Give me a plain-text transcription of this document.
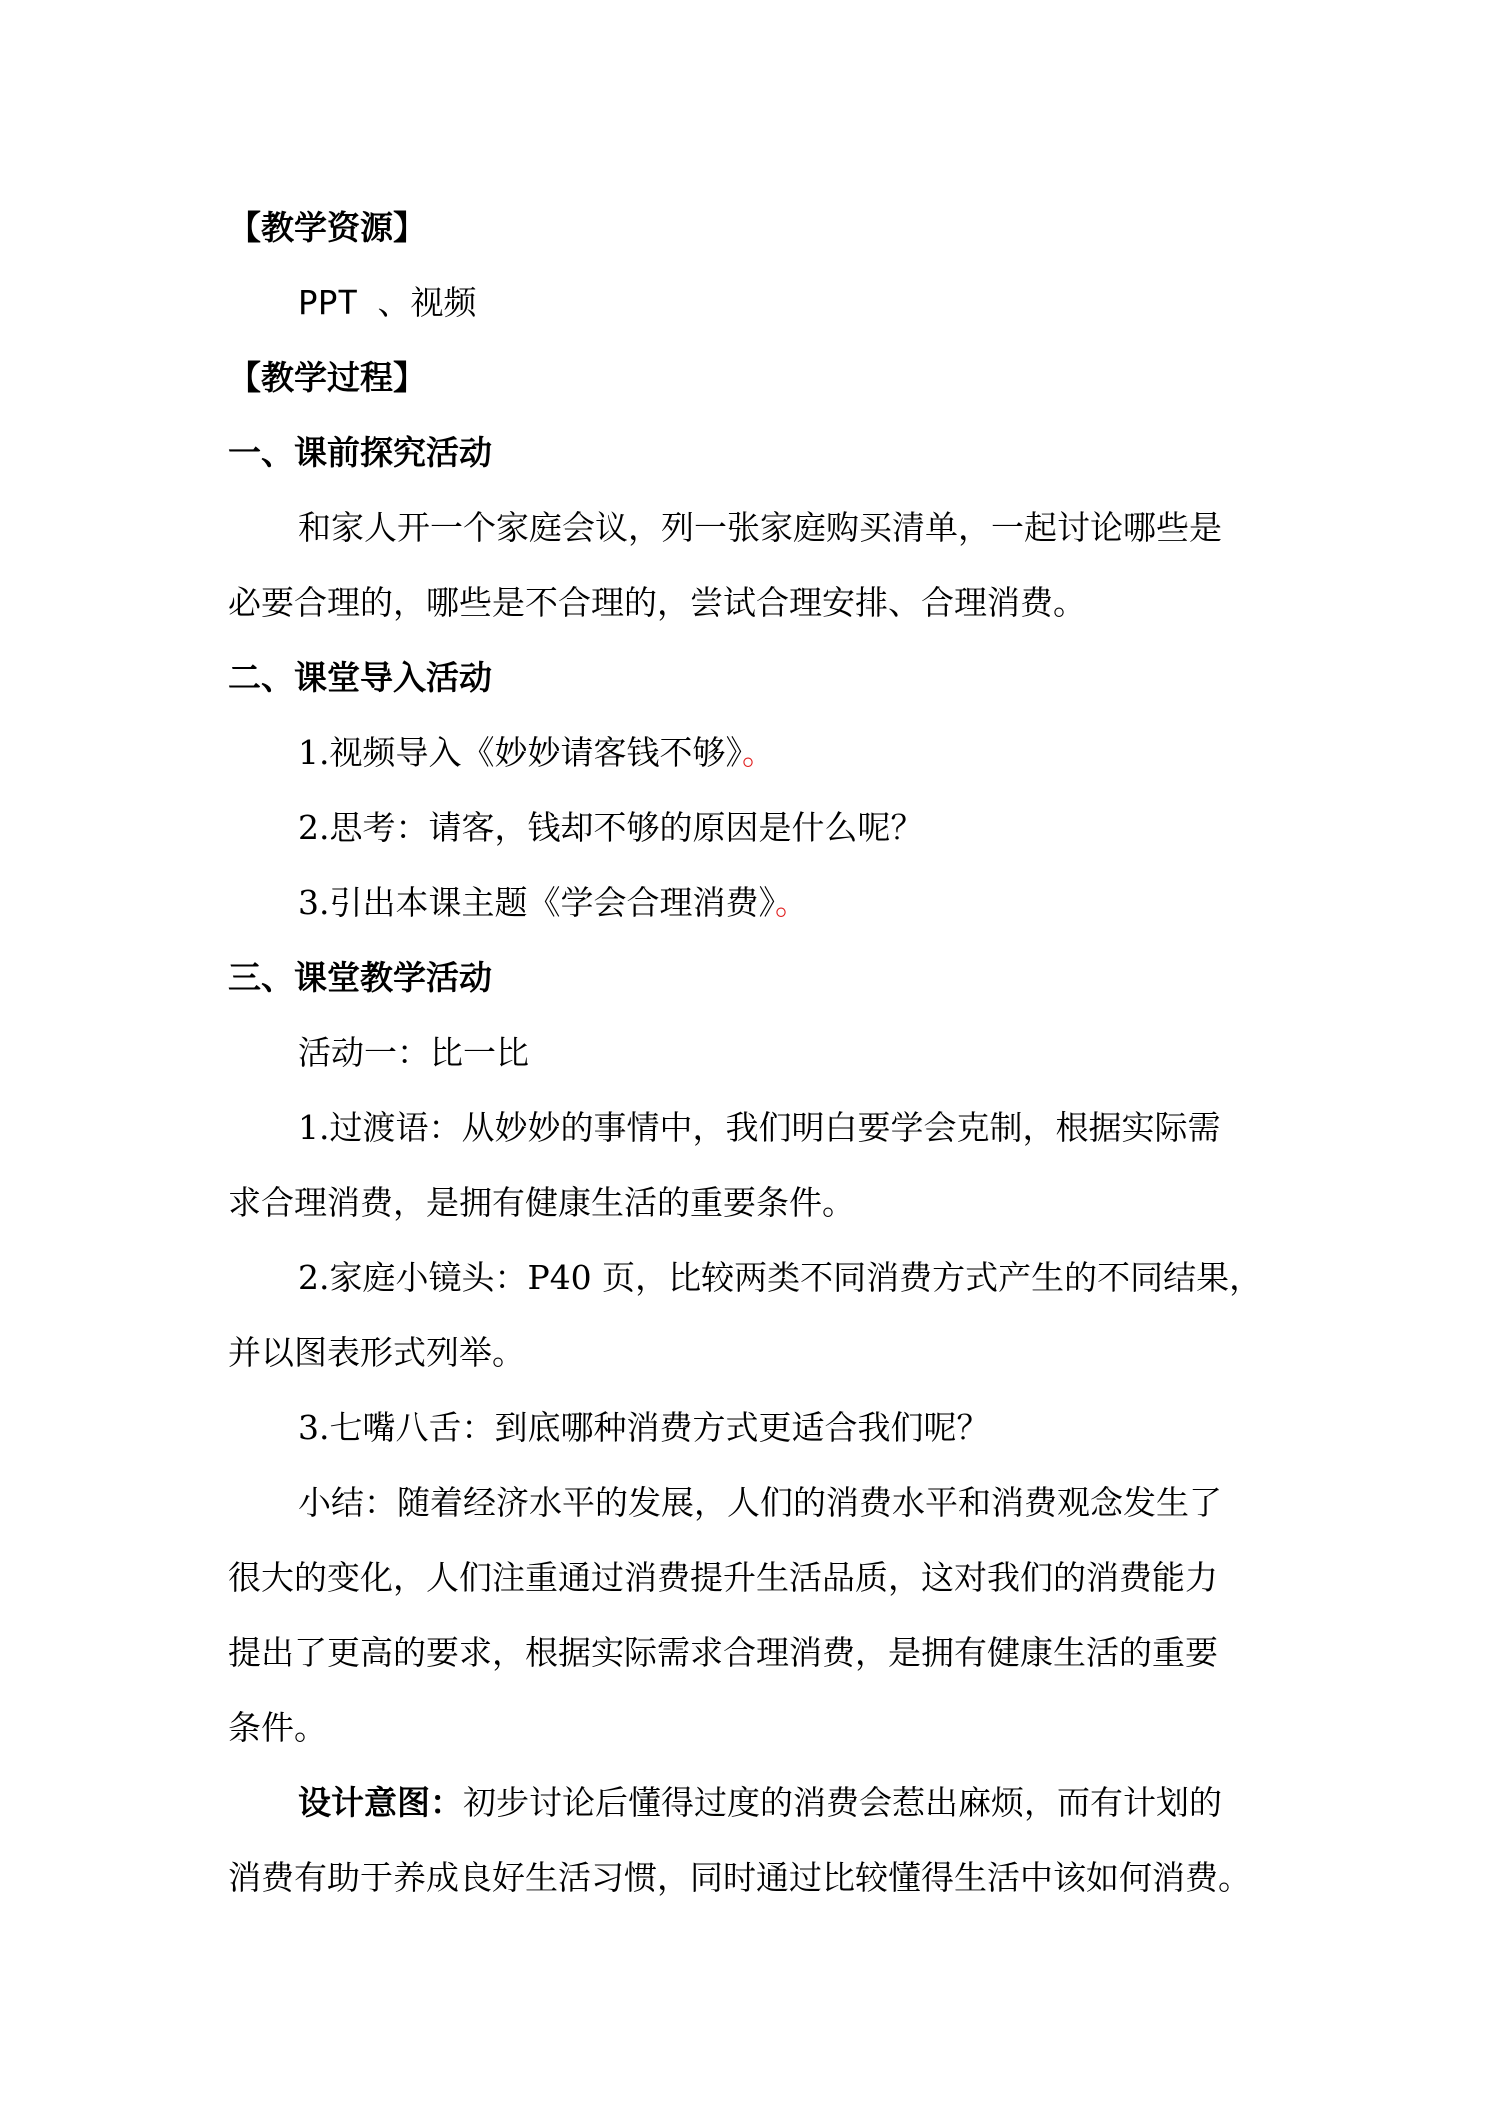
【教学资源】
PPT 、视频
【教学过程】
一、课前探究活动
和家人开一个家庭会议，列一张家庭购买清单，一起讨论哪些是
必要合理的，哪些是不合理的，尝试合理安排、合理消费。
二、课堂导入活动
1.视频导入《妙妙请客钱不够》。
2.思考：请客，钱却不够的原因是什么呢？
3.引出本课主题《学会合理消费》。
三、课堂教学活动
活动一：比一比
1.过渡语：从妙妙的事情中，我们明白要学会克制，根据实际需
求合理消费，是拥有健康生活的重要条件。
2.家庭小镜头：P40 页，比较两类不同消费方式产生的不同结果，
并以图表形式列举。
3.七嘴八舌：到底哪种消费方式更适合我们呢？
小结：随着经济水平的发展，人们的消费水平和消费观念发生了
很大的变化，人们注重通过消费提升生活品质，这对我们的消费能力
提出了更高的要求，根据实际需求合理消费，是拥有健康生活的重要
条件。
设计意图：初步讨论后懂得过度的消费会惹出麻烦，而有计划的
消费有助于养成良好生活习惯，同时通过比较懂得生活中该如何消费。
